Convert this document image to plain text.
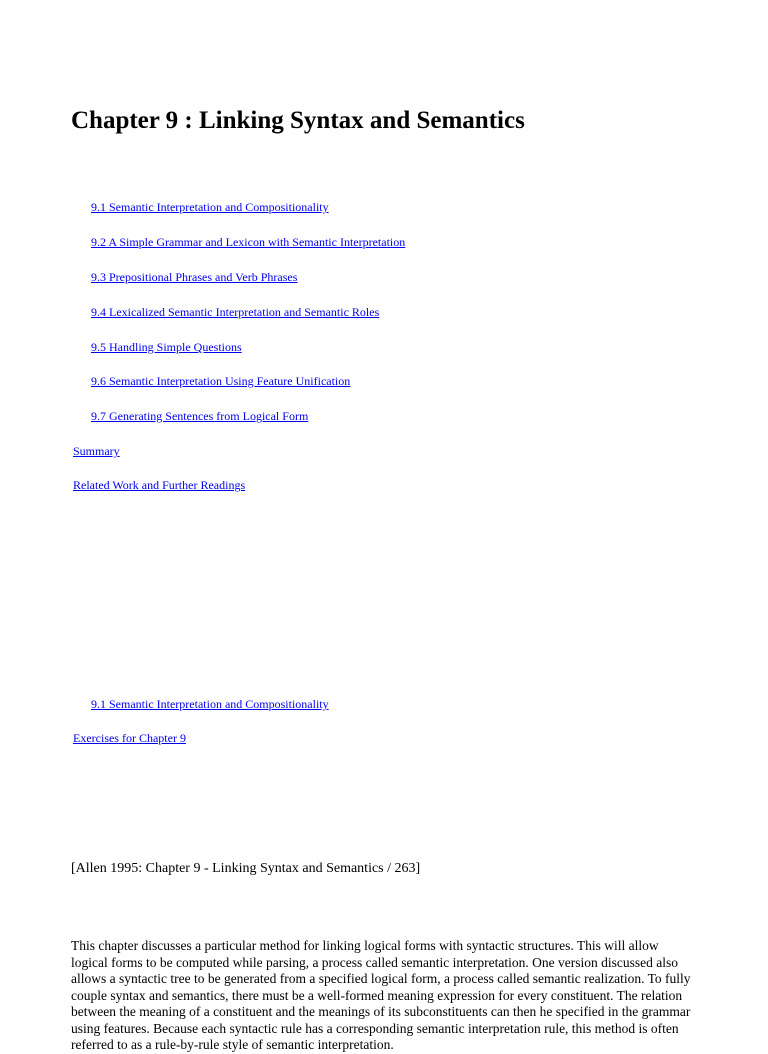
Chapter 9 : Linking Syntax and Semantics
9.1 Semantic Interpretation and Compositionality
9.2 A Simple Grammar and Lexicon with Semantic Interpretation
9.3 Prepositional Phrases and Verb Phrases
9.4 Lexicalized Semantic Interpretation and Semantic Roles
9.5 Handling Simple Questions
9.6 Semantic Interpretation Using Feature Unification
9.7 Generating Sentences from Logical Form
Summary
Related Work and Further Readings
9.1 Semantic Interpretation and Compositionality
Exercises for Chapter 9
[Allen 1995: Chapter 9 - Linking Syntax and Semantics / 263]

This chapter discusses a particular method for linking logical forms with syntactic structures. This will allow logical forms to be computed while parsing, a process called semantic interpretation. One version discussed also allows a syntactic tree to be generated from a specified logical form, a process called semantic realization. To fully couple syntax and semantics, there must be a well-formed meaning expression for every constituent. The relation between the meaning of a constituent and the meanings of its subconstituents can then he specified in the grammar using features. Because each syntactic rule has a corresponding semantic interpretation rule, this method is often referred to as a rule-by-rule style of semantic interpretation.
